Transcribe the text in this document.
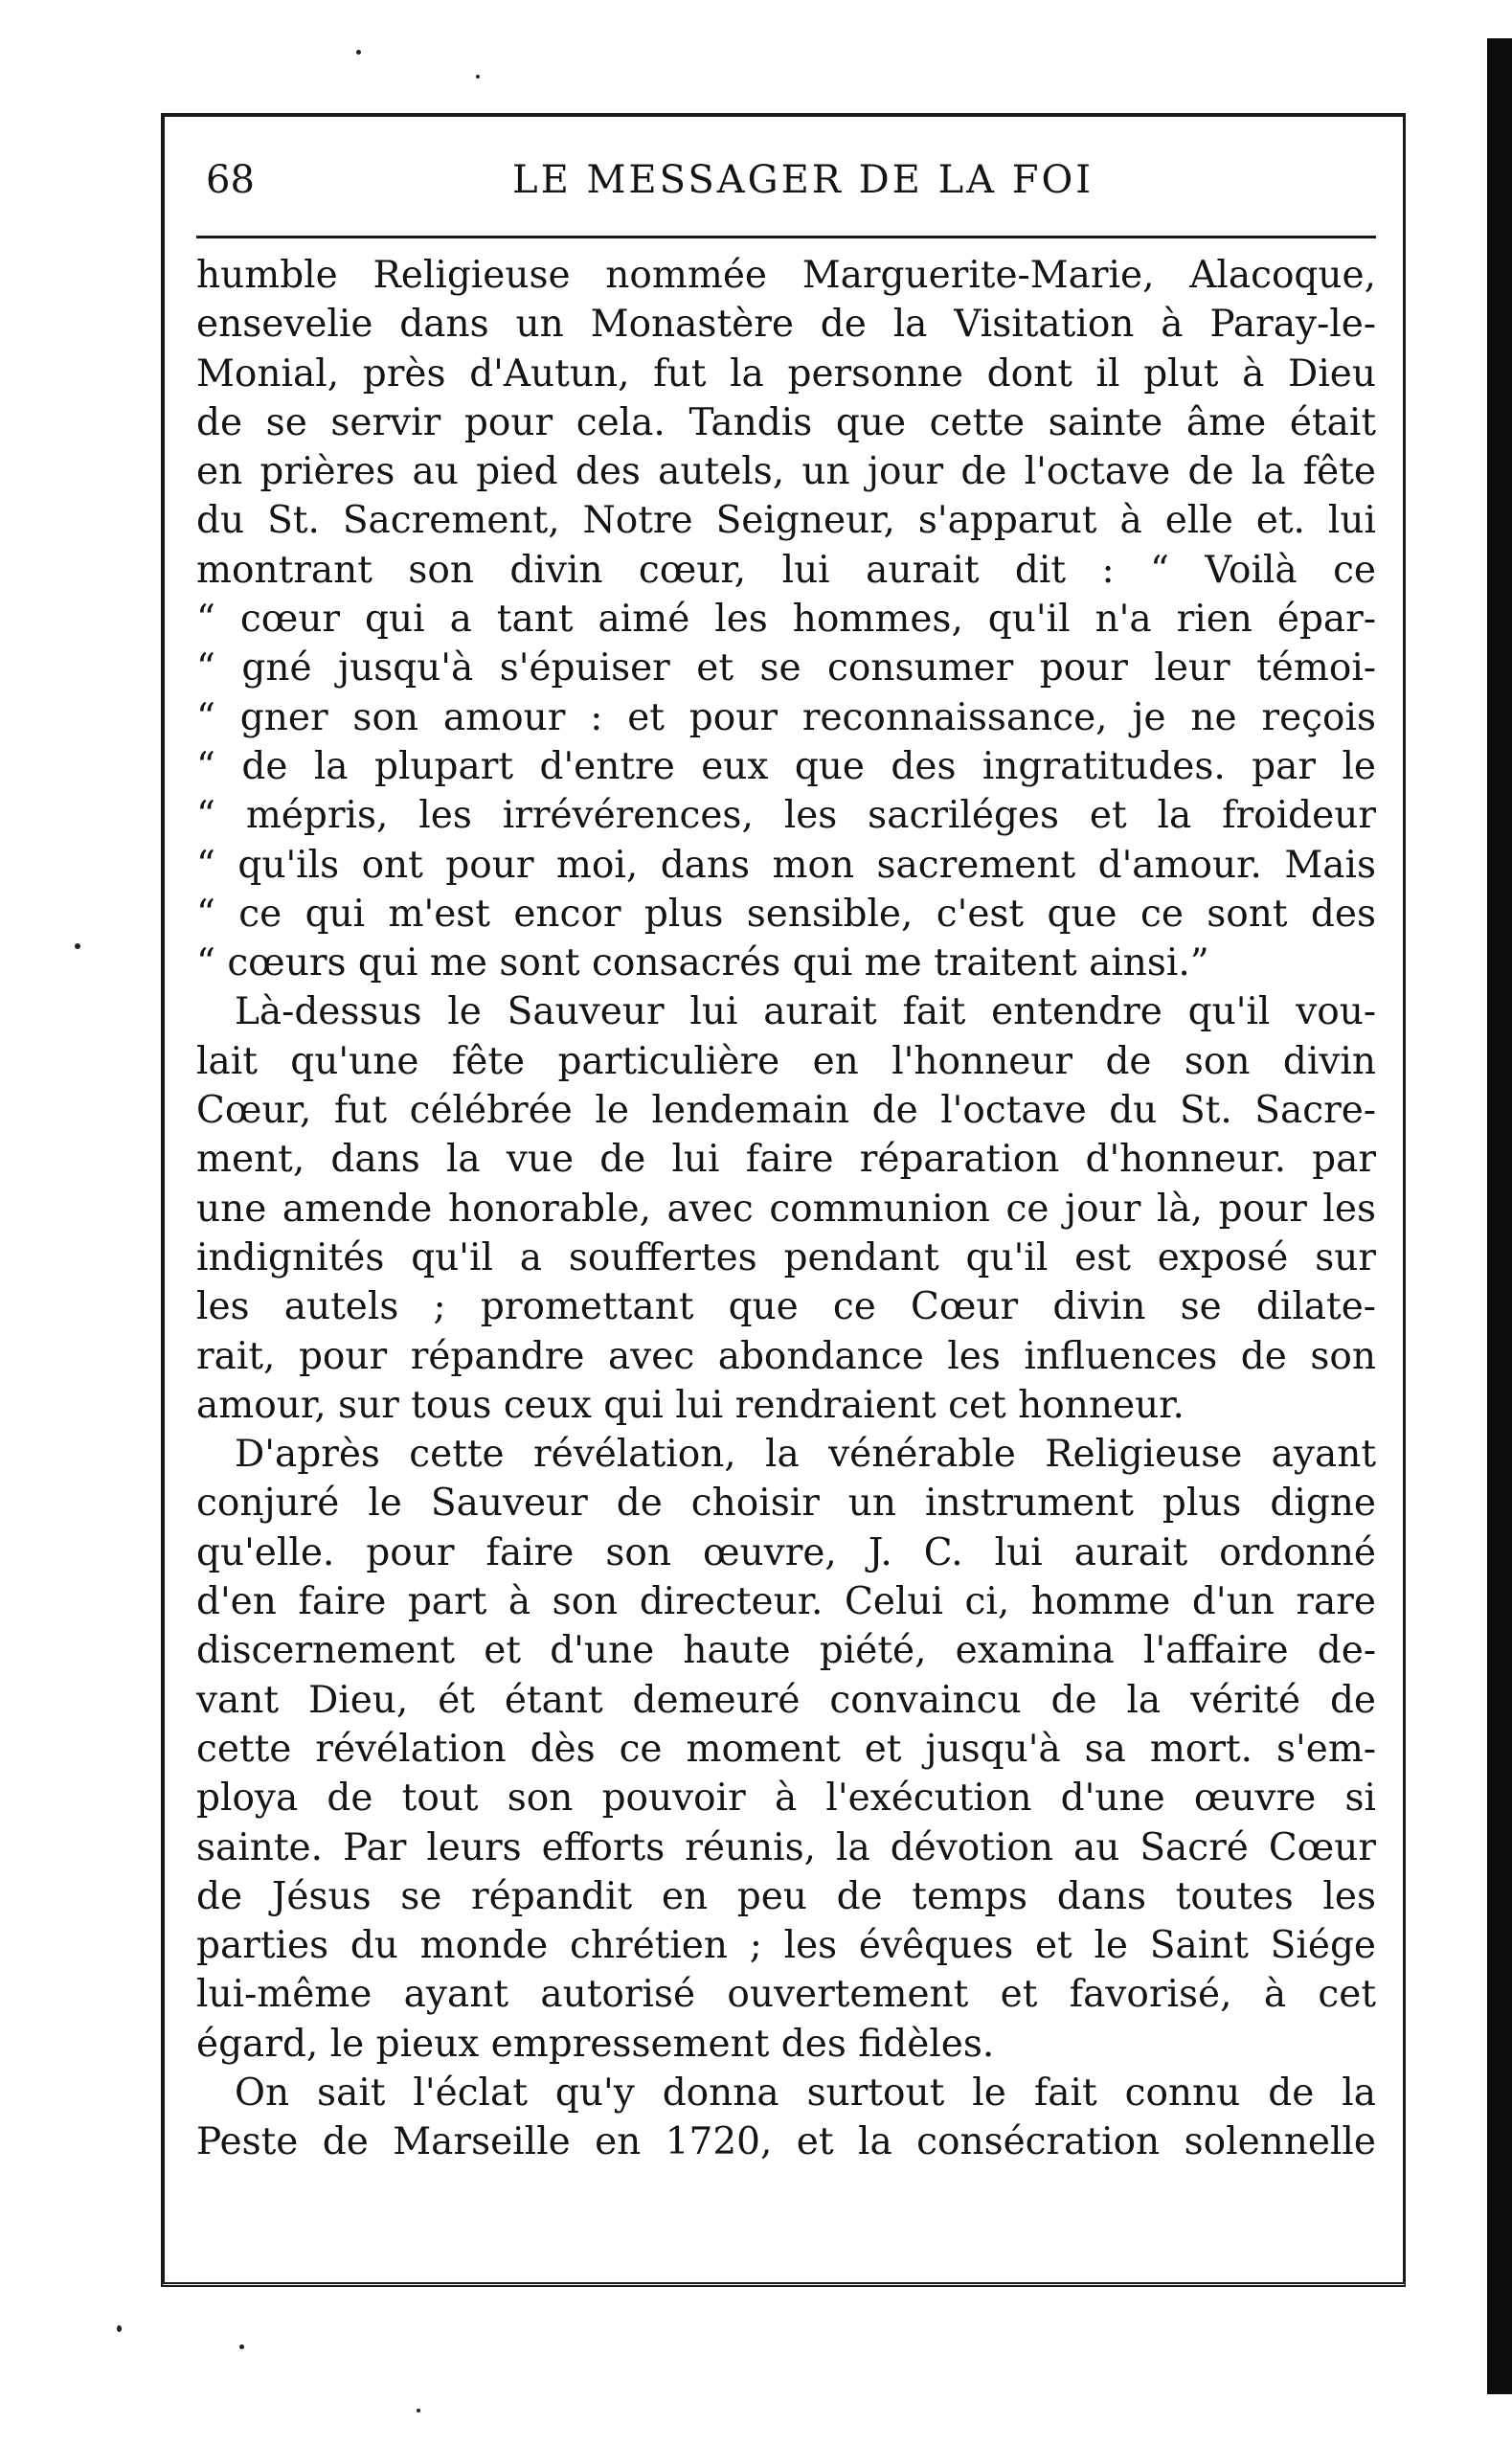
68	LE MESSAGER DE LA FOI
humble Religieuse nommée Marguerite-Marie, Alacoque,
ensevelie dans un Monastère de la Visitation à Paray-le-
Monial, près d'Autun, fut la personne dont il plut à Dieu
de se servir pour cela. Tandis que cette sainte âme était
en prières au pied des autels, un jour de l'octave de la fête
du St. Sacrement, Notre Seigneur, s'apparut à elle et. lui
montrant son divin cœur, lui aurait dit : “ Voilà ce
“ cœur qui a tant aimé les hommes, qu'il n'a rien épar-
“ gné jusqu'à s'épuiser et se consumer pour leur témoi-
“ gner son amour : et pour reconnaissance, je ne reçois
“ de la plupart d'entre eux que des ingratitudes. par le
“ mépris, les irrévérences, les sacriléges et la froideur
“ qu'ils ont pour moi, dans mon sacrement d'amour. Mais
“ ce qui m'est encor plus sensible, c'est que ce sont des
“ cœurs qui me sont consacrés qui me traitent ainsi.”
Là-dessus le Sauveur lui aurait fait entendre qu'il vou-
lait qu'une fête particulière en l'honneur de son divin
Cœur, fut célébrée le lendemain de l'octave du St. Sacre-
ment, dans la vue de lui faire réparation d'honneur. par
une amende honorable, avec communion ce jour là, pour les
indignités qu'il a souffertes pendant qu'il est exposé sur
les autels ; promettant que ce Cœur divin se dilate-
rait, pour répandre avec abondance les influences de son
amour, sur tous ceux qui lui rendraient cet honneur.
D'après cette révélation, la vénérable Religieuse ayant
conjuré le Sauveur de choisir un instrument plus digne
qu'elle. pour faire son œuvre, J. C. lui aurait ordonné
d'en faire part à son directeur. Celui ci, homme d'un rare
discernement et d'une haute piété, examina l'affaire de-
vant Dieu, ét étant demeuré convaincu de la vérité de
cette révélation dès ce moment et jusqu'à sa mort. s'em-
ploya de tout son pouvoir à l'exécution d'une œuvre si
sainte. Par leurs efforts réunis, la dévotion au Sacré Cœur
de Jésus se répandit en peu de temps dans toutes les
parties du monde chrétien ; les évêques et le Saint Siége
lui-même ayant autorisé ouvertement et favorisé, à cet
égard, le pieux empressement des fidèles.
On sait l'éclat qu'y donna surtout le fait connu de la
Peste de Marseille en 1720, et la consécration solennelle
